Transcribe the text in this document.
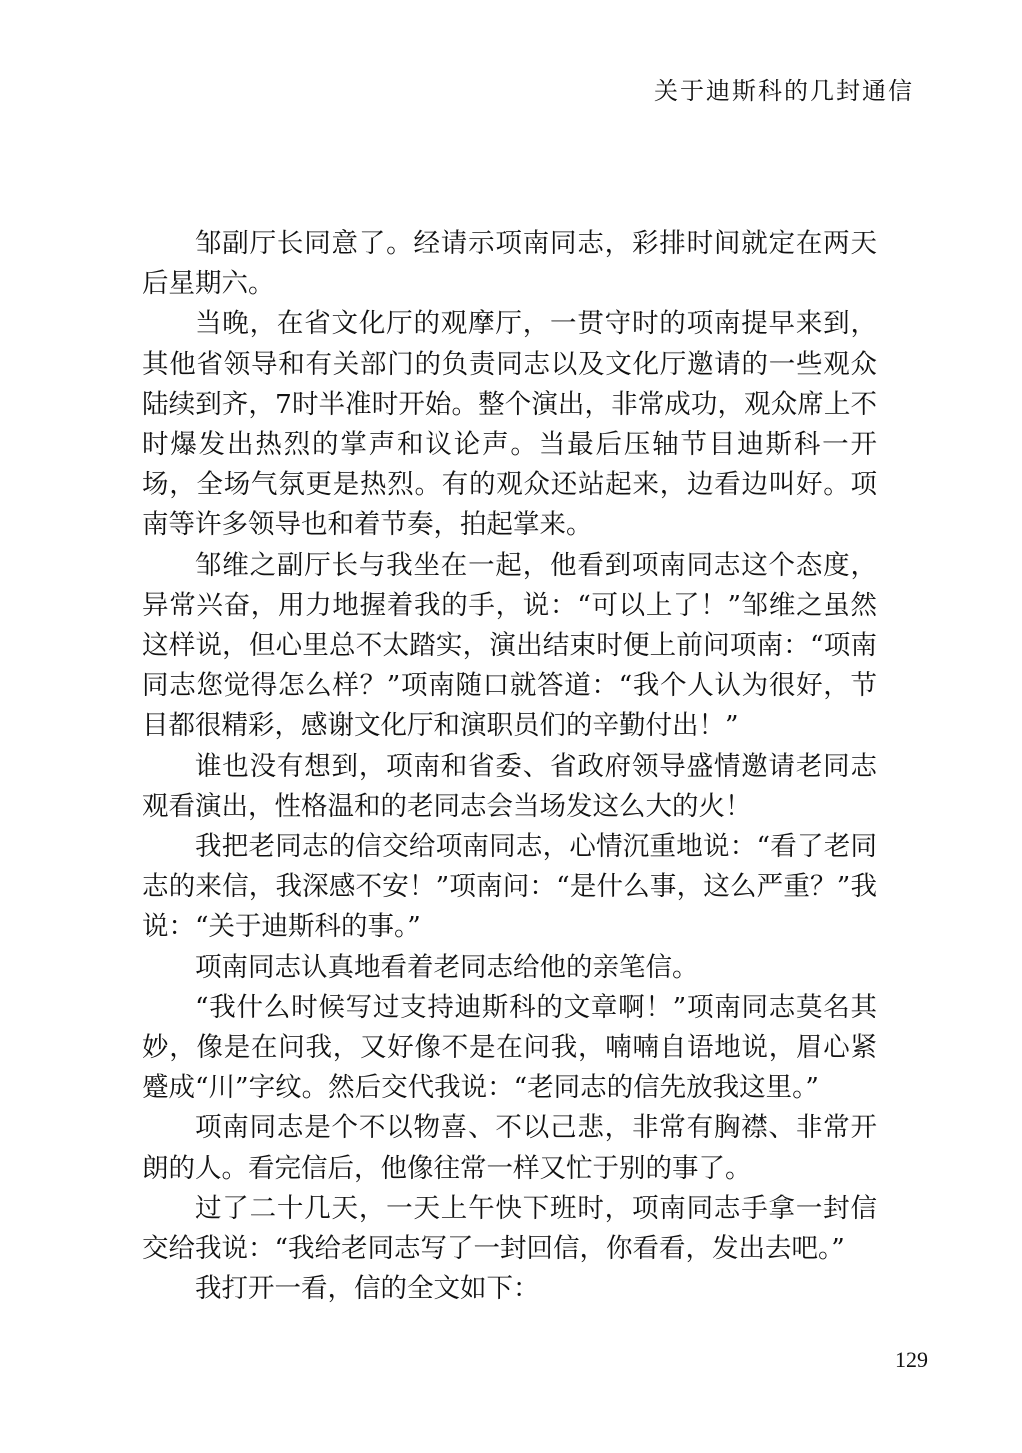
关于迪斯科的几封通信

邹副厅长同意了。经请示项南同志，彩排时间就定在两天后星期六。

当晚，在省文化厅的观摩厅，一贯守时的项南提早来到，其他省领导和有关部门的负责同志以及文化厅邀请的一些观众陆续到齐，7时半准时开始。整个演出，非常成功，观众席上不时爆发出热烈的掌声和议论声。当最后压轴节目迪斯科一开场，全场气氛更是热烈。有的观众还站起来，边看边叫好。项南等许多领导也和着节奏，拍起掌来。

邹维之副厅长与我坐在一起，他看到项南同志这个态度，异常兴奋，用力地握着我的手，说：“可以上了！”邹维之虽然这样说，但心里总不太踏实，演出结束时便上前问项南：“项南同志您觉得怎么样？”项南随口就答道：“我个人认为很好，节目都很精彩，感谢文化厅和演职员们的辛勤付出！”

谁也没有想到，项南和省委、省政府领导盛情邀请老同志观看演出，性格温和的老同志会当场发这么大的火！

我把老同志的信交给项南同志，心情沉重地说：“看了老同志的来信，我深感不安！”项南问：“是什么事，这么严重？”我说：“关于迪斯科的事。”

项南同志认真地看着老同志给他的亲笔信。

“我什么时候写过支持迪斯科的文章啊！”项南同志莫名其妙，像是在问我，又好像不是在问我，喃喃自语地说，眉心紧蹙成“川”字纹。然后交代我说：“老同志的信先放我这里。”

项南同志是个不以物喜、不以己悲，非常有胸襟、非常开朗的人。看完信后，他像往常一样又忙于别的事了。

过了二十几天，一天上午快下班时，项南同志手拿一封信交给我说：“我给老同志写了一封回信，你看看，发出去吧。”

我打开一看，信的全文如下：

129
